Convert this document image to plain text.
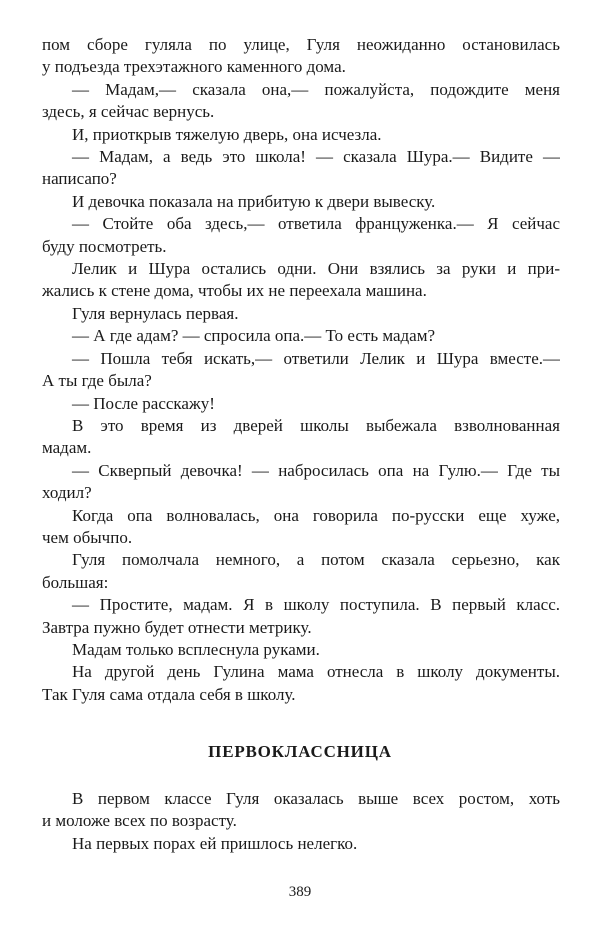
пом сборе гуляла по улице, Гуля неожиданно остановилась
у подъезда трехэтажного каменного дома.
— Мадам,— сказала она,— пожалуйста, подождите меня
здесь, я сейчас вернусь.
И, приоткрыв тяжелую дверь, она исчезла.
— Мадам, а ведь это школа! — сказала Шура.— Видите —
написапо?
И девочка показала на прибитую к двери вывеску.
— Стойте оба здесь,— ответила француженка.— Я сейчас
буду посмотреть.
Лелик и Шура остались одни. Они взялись за руки и при-
жались к стене дома, чтобы их не переехала машина.
Гуля вернулась первая.
— А где адам? — спросила опа.— То есть мадам?
— Пошла тебя искать,— ответили Лелик и Шура вместе.—
А ты где была?
— После расскажу!
В это время из дверей школы выбежала взволнованная
мадам.
— Скверпый девочка! — набросилась опа на Гулю.— Где ты
ходил?
Когда опа волновалась, она говорила по-русски еще хуже,
чем обычпо.
Гуля помолчала немного, а потом сказала серьезно, как
большая:
— Простите, мадам. Я в школу поступила. В первый класс.
Завтра пужно будет отнести метрику.
Мадам только всплеснула руками.
На другой день Гулина мама отнесла в школу документы.
Так Гуля сама отдала себя в школу.
ПЕРВОКЛАССНИЦА
В первом классе Гуля оказалась выше всех ростом, хоть
и моложе всех по возрасту.
На первых порах ей пришлось нелегко.
389
